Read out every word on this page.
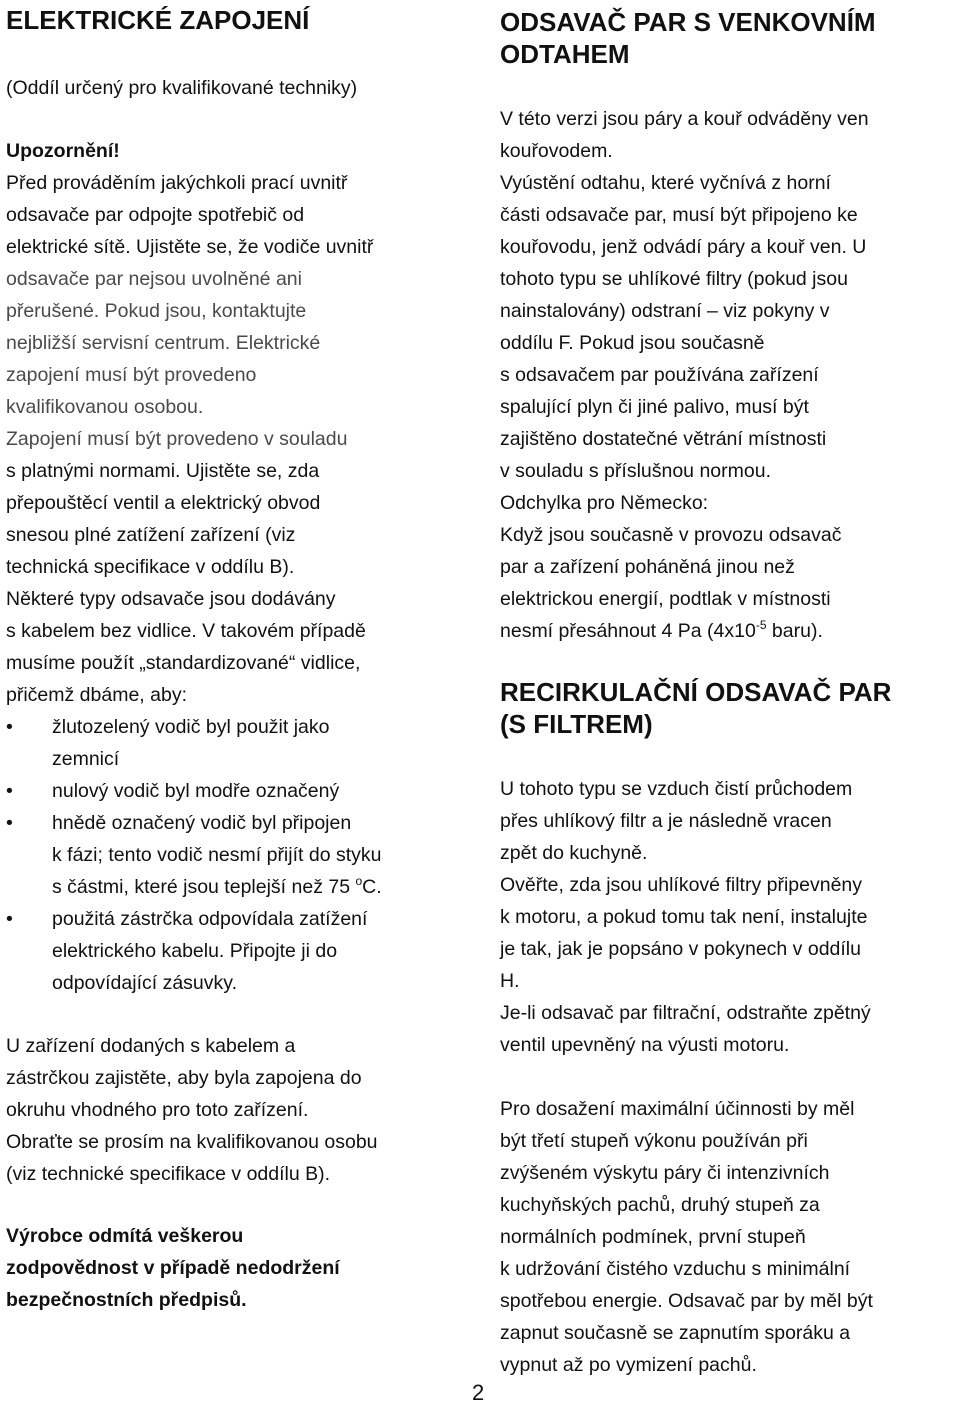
ELEKTRICKÉ ZAPOJENÍ
(Oddíl určený pro kvalifikované techniky)
Upozornění!
Před prováděním jakýchkoli prací uvnitř
odsavače par odpojte spotřebič od
elektrické sítě. Ujistěte se, že vodiče uvnitř
odsavače par nejsou uvolněné ani
přerušené. Pokud jsou, kontaktujte
nejbližší servisní centrum. Elektrické
zapojení musí být provedeno
kvalifikovanou osobou.
Zapojení musí být provedeno v souladu
s platnými normami. Ujistěte se, zda
přepouštěcí ventil a elektrický obvod
snesou plné zatížení zařízení (viz
technická specifikace v oddílu B).
Některé typy odsavače jsou dodávány
s kabelem bez vidlice. V takovém případě
musíme použít „standardizované“ vidlice,
přičemž dbáme, aby:
• žlutozelený vodič byl použit jako
zemnicí
• nulový vodič byl modře označený
• hnědě označený vodič byl připojen
k fázi; tento vodič nesmí přijít do styku
s částmi, které jsou teplejší než 75 $^o$C.
• použitá zástrčka odpovídala zatížení
elektrického kabelu. Připojte ji do
odpovídající zásuvky.
U zařízení dodaných s kabelem a
zástrčkou zajistěte, aby byla zapojena do
okruhu vhodného pro toto zařízení.
Obraťte se prosím na kvalifikovanou osobu
(viz technické specifikace v oddílu B).
Výrobce odmítá veškerou
zodpovědnost v případě nedodržení
bezpečnostních předpisů.
ODSAVAČ PAR S VENKOVNÍM
ODTAHEM
V této verzi jsou páry a kouř odváděny ven
kouřovodem.
Vyústění odtahu, které vyčnívá z horní
části odsavače par, musí být připojeno ke
kouřovodu, jenž odvádí páry a kouř ven. U
tohoto typu se uhlíkové filtry (pokud jsou
nainstalovány) odstraní – viz pokyny v
oddílu F. Pokud jsou současně
s odsavačem par používána zařízení
spalující plyn či jiné palivo, musí být
zajištěno dostatečné větrání místnosti
v souladu s příslušnou normou.
Odchylka pro Německo:
Když jsou současně v provozu odsavač
par a zařízení poháněná jinou než
elektrickou energií, podtlak v místnosti
nesmí přesáhnout 4 Pa ($4x10^{-5}$ baru).
RECIRKULAČNÍ ODSAVAČ PAR
(S FILTREM)
U tohoto typu se vzduch čistí průchodem
přes uhlíkový filtr a je následně vracen
zpět do kuchyně.
Ověřte, zda jsou uhlíkové filtry připevněny
k motoru, a pokud tomu tak není, instalujte
je tak, jak je popsáno v pokynech v oddílu
H.
Je-li odsavač par filtrační, odstraňte zpětný
ventil upevněný na výusti motoru.
Pro dosažení maximální účinnosti by měl
být třetí stupeň výkonu používán při
zvýšeném výskytu páry či intenzivních
kuchyňských pachů, druhý stupeň za
normálních podmínek, první stupeň
k udržování čistého vzduchu s minimální
spotřebou energie. Odsavač par by měl být
zapnut současně se zapnutím sporáku a
vypnut až po vymizení pachů.
2
